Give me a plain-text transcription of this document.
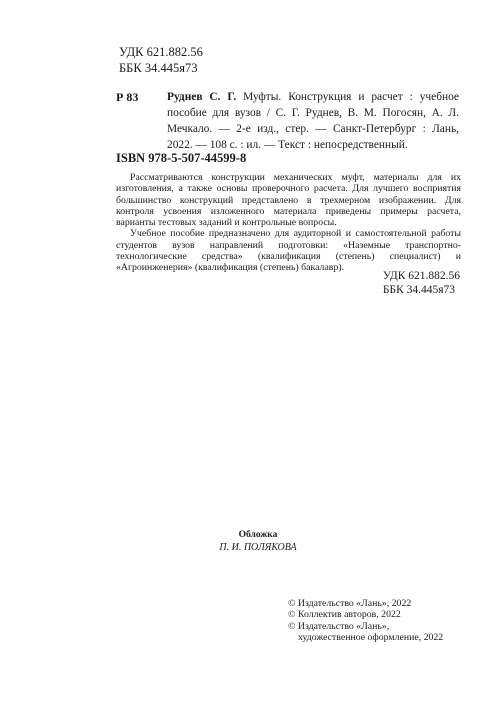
УДК 621.882.56
ББК 34.445я73
Р 83	Руднев С. Г. Муфты. Конструкция и расчет : учебное пособие для вузов / С. Г. Руднев, В. М. Погосян, А. Л. Мечкало. — 2-е изд., стер. — Санкт-Петербург : Лань, 2022. — 108 с. : ил. — Текст : непосредственный.
ISBN 978-5-507-44599-8

Рассматриваются конструкции механических муфт, материалы для их изготовления, а также основы проверочного расчета. Для лучшего восприятия большинство конструкций представлено в трехмерном изображении. Для контроля усвоения изложенного материала приведены примеры расчета, варианты тестовых заданий и контрольные вопросы.

Учебное пособие предназначено для аудиторной и самостоятельной работы студентов вузов направлений подготовки: «Наземные транспортно-технологические средства» (квалификация (степень) специалист) и «Агроинженерия» (квалификация (степень) бакалавр).

УДК 621.882.56
ББК 34.445я73
Обложка
П. И. ПОЛЯКОВА
© Издательство «Лань», 2022
© Коллектив авторов, 2022
© Издательство «Лань»,
художественное оформление, 2022
